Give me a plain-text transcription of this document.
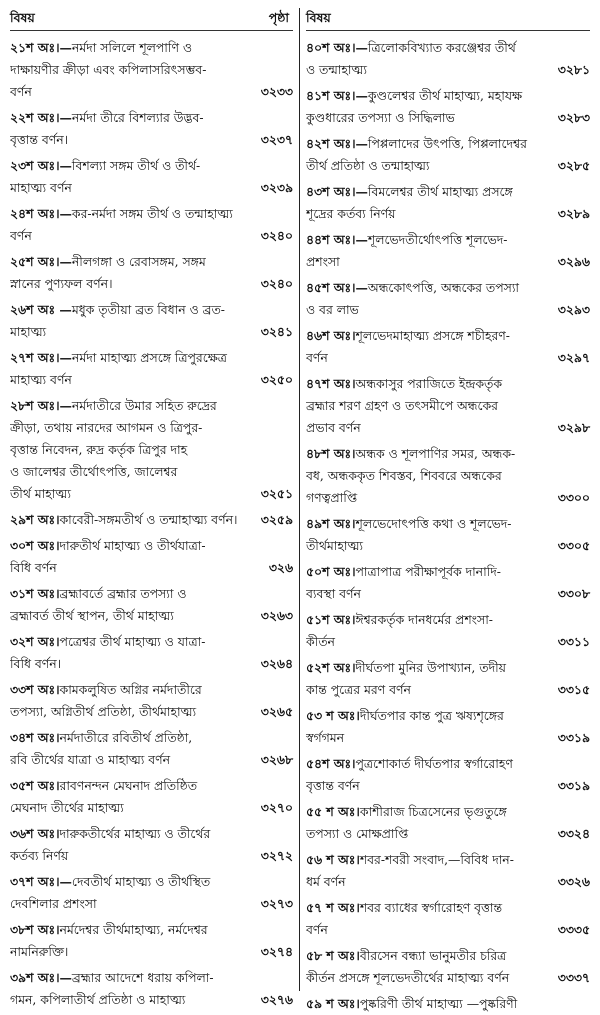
বিষয়	পৃষ্ঠা
২১শ অঃ।—নর্মদা সলিলে শূলপাণি ও
দাক্ষায়ণীর ক্রীড়া এবং কপিলাসরিৎসম্ভব-
বর্ণন	৩২৩৩
২২শ অঃ।—নর্মদা তীরে বিশল্যার উদ্ভব-
বৃত্তান্ত বর্ণন।	৩২৩৭
২৩শ অঃ।—বিশল্যা সঙ্গম তীর্থ ও তীর্থ-
মাহাত্ম্য বর্ণন	৩২৩৯
২৪শ অঃ।—কর-নর্মদা সঙ্গম তীর্থ ও তন্মাহাত্ম্য
বর্ণন	৩২৪০
২৫শ অঃ।—নীলগঙ্গা ও রেবাসঙ্গম, সঙ্গম
স্নানের পুণ্যফল বর্ণন।	৩২৪০
২৬শ অঃ —মধুক তৃতীয়া ব্রত বিধান ও ব্রত-
মাহাত্ম্য	৩২৪১
২৭শ অঃ।—নর্মদা মাহাত্ম্য প্রসঙ্গে ত্রিপুরক্ষেত্র
মাহাত্ম্য বর্ণন	৩২৫০
২৮শ অঃ।—নর্মদাতীরে উমার সহিত রুদ্রের
ক্রীড়া, তথায় নারদের আগমন ও ত্রিপুর-
বৃত্তান্ত নিবেদন, রুদ্র কর্তৃক ত্রিপুর দাহ
ও জালেশ্বর তীর্থোৎপত্তি, জালেশ্বর
তীর্থ মাহাত্ম্য	৩২৫১
২৯শ অঃ।কাবেরী-সঙ্গমতীর্থ ও তন্মাহাত্ম্য বর্ণন।	৩২৫৯
৩০শ অঃ।দারুতীর্থ মাহাত্ম্য ও তীর্থযাত্রা-
বিধি বর্ণন	৩২৬
৩১শ অঃ।ব্রহ্মাবর্তে ব্রহ্মার তপস্যা ও
ব্রহ্মাবর্ত তীর্থ স্থাপন, তীর্থ মাহাত্ম্য	৩২৬৩
৩২শ অঃ।পত্রেশ্বর তীর্থ মাহাত্ম্য ও যাত্রা-
বিধি বর্ণন।	৩২৬৪
৩৩শ অঃ।কামকলুষিত অগ্নির নর্মদাতীরে
তপস্যা, অগ্নিতীর্থ প্রতিষ্ঠা, তীর্থমাহাত্ম্য	৩২৬৫
৩৪শ অঃ।নর্মদাতীরে রবিতীর্থ প্রতিষ্ঠা,
রবি তীর্থের যাত্রা ও মাহাত্ম্য বর্ণন	৩২৬৮
৩৫শ অঃ।রাবণনন্দন মেঘনাদ প্রতিষ্ঠিত
মেঘনাদ তীর্থের মাহাত্ম্য	৩২৭০
৩৬শ অঃ।দারুকতীর্থের মাহাত্ম্য ও তীর্থের
কর্তব্য নির্ণয়	৩২৭২
৩৭শ অঃ।—দেবতীর্থ মাহাত্ম্য ও তীর্থস্থিত
দেবশিলার প্রশংসা	৩২৭৩
৩৮শ অঃ।নর্মদেশ্বর তীর্থমাহাত্ম্য, নর্মদেশ্বর
নামনিরুক্তি।	৩২৭৪
৩৯শ অঃ।—ব্রহ্মার আদেশে ধরায় কপিলা-
গমন, কপিলাতীর্থ প্রতিষ্ঠা ও মাহাত্ম্য	৩২৭৬
বিষয়
৪০শ অঃ।—ত্রিলোকবিখ্যাত করঞ্জেশ্বর তীর্থ
ও তন্মাহাত্ম্য	৩২৮১
৪১শ অঃ।—কুণ্ডলেশ্বর তীর্থ মাহাত্ম্য, মহাযক্ষ
কুণ্ডধারের তপস্যা ও সিদ্ধিলাভ	৩২৮৩
৪২শ অঃ।—পিপ্পলাদের উৎপত্তি, পিপ্পলাদেশ্বর
তীর্থ প্রতিষ্ঠা ও তন্মাহাত্ম্য	৩২৮৫
৪৩শ অঃ।—বিমলেশ্বর তীর্থ মাহাত্ম্য প্রসঙ্গে
শূদ্রের কর্তব্য নির্ণয়	৩২৮৯
৪৪শ অঃ।—শূলভেদতীর্থোৎপত্তি শূলভেদ-
প্রশংসা	৩২৯৬
৪৫শ অঃ।—অন্ধকোৎপত্তি, অন্ধকের তপস্যা
ও বর লাভ	৩২৯৩
৪৬শ অঃ।শূলভেদমাহাত্ম্য প্রসঙ্গে শচীহরণ-
বর্ণন	৩২৯৭
৪৭শ অঃ।অন্ধকাসুর পরাজিতে ইন্দ্রকর্তৃক
ব্রহ্মার শরণ গ্রহণ ও তৎসমীপে অন্ধকের
প্রভাব বর্ণন	৩২৯৮
৪৮শ অঃ।অন্ধক ও শূলপাণির সমর, অন্ধক-
বধ, অন্ধককৃত শিবস্তব, শিববরে অন্ধকের
গণত্বপ্রাপ্তি	৩৩০০
৪৯শ অঃ।শূলভেদোৎপত্তি কথা ও শূলভেদ-
তীর্থমাহাত্ম্য	৩৩০৫
৫০শ অঃ।পাত্রাপাত্র পরীক্ষাপূর্বক দানাদি-
ব্যবস্থা বর্ণন	৩৩০৮
৫১শ অঃ।ঈশ্বরকর্তৃক দানধর্মের প্রশংসা-
কীর্তন	৩৩১১
৫২শ অঃ।দীর্ঘতপা মুনির উপাখ্যান, তদীয়
কান্ত পুত্রের মরণ বর্ণন	৩৩১৫
৫৩ শ অঃ।দীর্ঘতপার কান্ত পুত্র ঋষ্যশৃঙ্গের
স্বর্গগমন	৩৩১৯
৫৪শ অঃ।পুত্রশোকার্ত দীর্ঘতপার স্বর্গারোহণ
বৃত্তান্ত বর্ণন	৩৩১৯
৫৫ শ অঃ।কাশীরাজ চিত্রসেনের ভৃগুতুঙ্গে
তপস্যা ও মোক্ষপ্রাপ্তি	৩৩২৪
৫৬ শ অঃ।শবর-শবরী সংবাদ,—বিবিধ দান-
ধর্ম বর্ণন	৩৩২৬
৫৭ শ অঃ।শবর ব্যাধের স্বর্গারোহণ বৃত্তান্ত
বর্ণন	৩৩৩৫
৫৮ শ অঃ।বীরসেন বন্ধ্যা ভানুমতীর চরিত্র
কীর্তন প্রসঙ্গে শূলভেদতীর্থের মাহাত্ম্য বর্ণন	৩৩৩৭
৫৯ শ অঃ।পুষ্করিণী তীর্থ মাহাত্ম্য —পুষ্করিণী
